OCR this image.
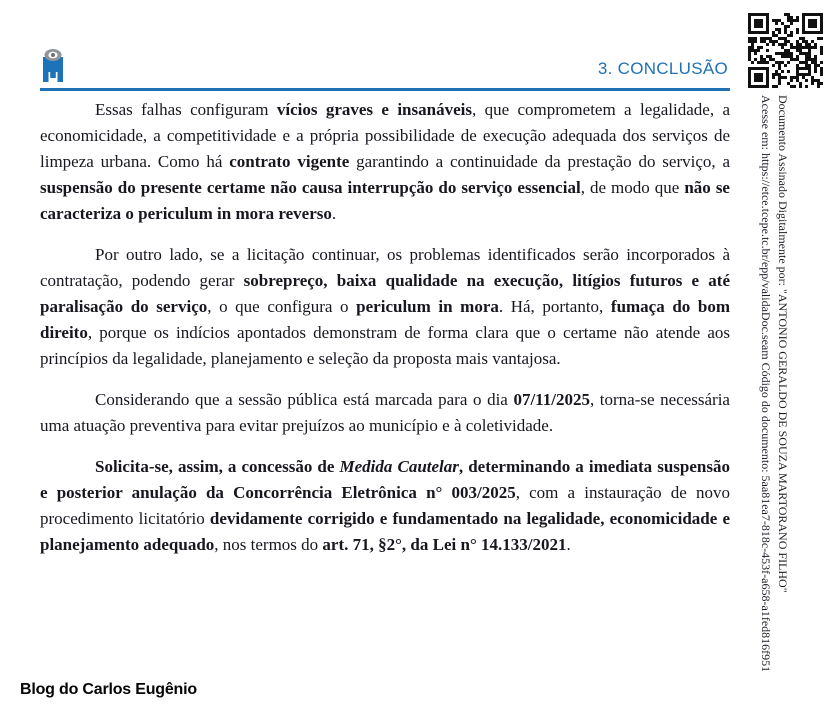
3. CONCLUSÃO

Essas falhas configuram vícios graves e insanáveis, que comprometem a legalidade, a economicidade, a competitividade e a própria possibilidade de execução adequada dos serviços de limpeza urbana. Como há contrato vigente garantindo a continuidade da prestação do serviço, a suspensão do presente certame não causa interrupção do serviço essencial, de modo que não se caracteriza o periculum in mora reverso.

Por outro lado, se a licitação continuar, os problemas identificados serão incorporados à contratação, podendo gerar sobrepreço, baixa qualidade na execução, litígios futuros e até paralisação do serviço, o que configura o periculum in mora. Há, portanto, fumaça do bom direito, porque os indícios apontados demonstram de forma clara que o certame não atende aos princípios da legalidade, planejamento e seleção da proposta mais vantajosa.

Considerando que a sessão pública está marcada para o dia 07/11/2025, torna-se necessária uma atuação preventiva para evitar prejuízos ao município e à coletividade.

Solicita-se, assim, a concessão de Medida Cautelar, determinando a imediata suspensão e posterior anulação da Concorrência Eletrônica n° 003/2025, com a instauração de novo procedimento licitatório devidamente corrigido e fundamentado na legalidade, economicidade e planejamento adequado, nos termos do art. 71, §2°, da Lei n° 14.133/2021.	Documento Assinado Digitalmente por: "ANTONIO GERALDO DE SOUZA MARTORANO FILHO"
Acesse em: https://etce.tcepe.tc.br/epp/validaDoc.seam Código do documento: 5aa81ea7-818c-453f-a658-a1fed816f951
Blog do Carlos Eugênio
